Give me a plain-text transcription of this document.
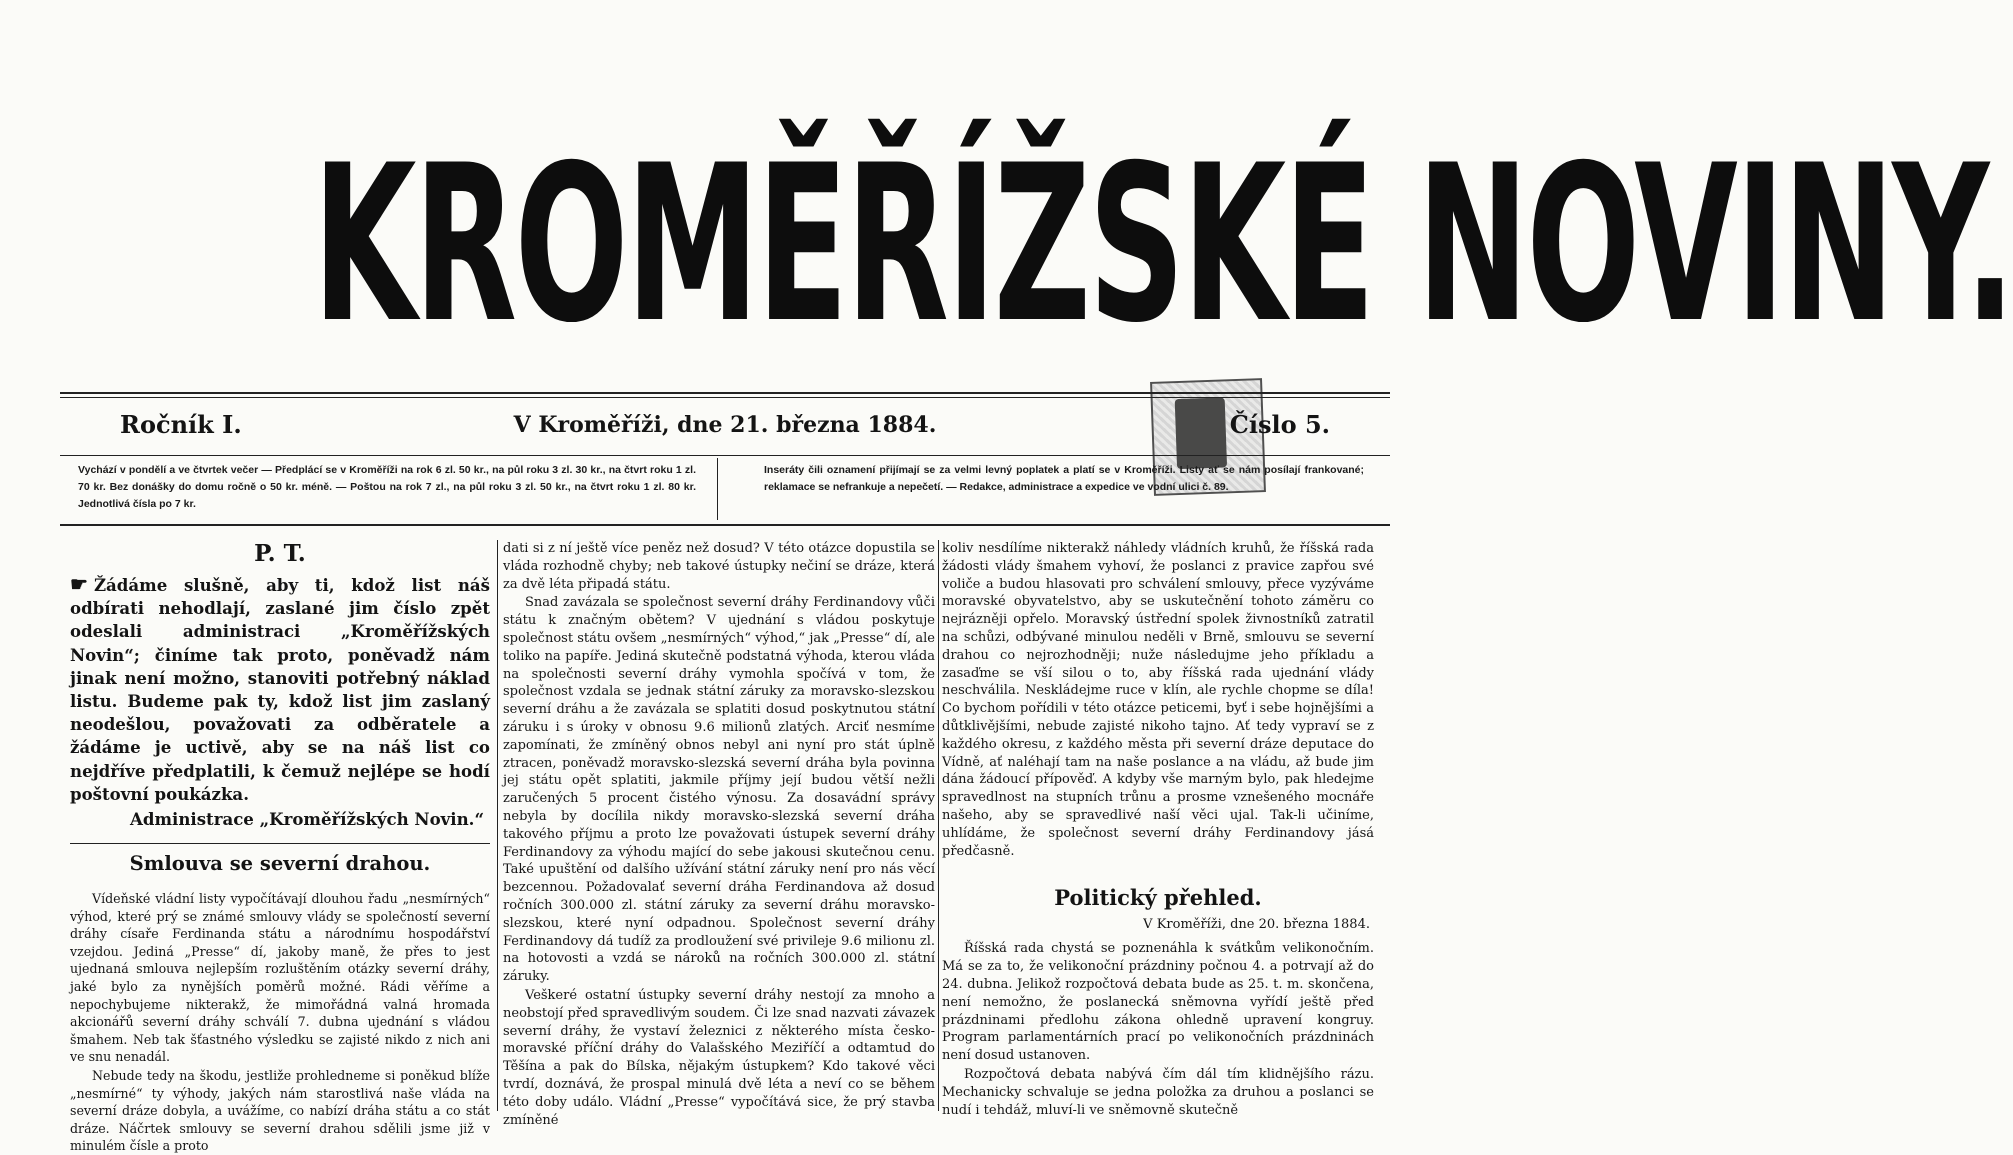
KROMĚŘÍŽSKÉ NOVINY.
Ročník I.	V Kroměříži, dne 21. března 1884.	Číslo 5.
Vychází v pondělí a ve čtvrtek večer — Předplácí se v Kroměříži na rok 6 zl. 50 kr., na půl roku 3 zl. 30 kr., na čtvrt roku 1 zl. 70 kr. Bez donášky do domu ročně o 50 kr. méně. — Poštou na rok 7 zl., na půl roku 3 zl. 50 kr., na čtvrt roku 1 zl. 80 kr. Jednotlivá čísla po 7 kr.
Inseráty čili oznamení přijímají se za velmi levný poplatek a platí se v Kroměříži. Listy ať se nám posílají frankované; reklamace se nefrankuje a nepečetí. — Redakce, administrace a expedice ve vodní ulici č. 89.
P. T.

☛ Žádáme slušně, aby ti, kdož list náš odbírati nehodlají, zaslané jim číslo zpět odeslali administraci „Kroměřížských Novin“; činíme tak proto, poněvadž nám jinak není možno, stanoviti potřebný náklad listu. Budeme pak ty, kdož list jim zaslaný neodešlou, považovati za odběratele a žádáme je uctivě, aby se na náš list co nejdříve předplatili, k čemuž nejlépe se hodí poštovní poukázka.

Administrace „Kroměřížských Novin.“
Smlouva se severní drahou.

Vídeňské vládní listy vypočítávají dlouhou řadu „nesmírných“ výhod, které prý se známé smlouvy vlády se společností severní dráhy císaře Ferdinanda státu a národnímu hospodářství vzejdou. Jediná „Presse“ dí, jakoby maně, že přes to jest ujednaná smlouva nejlepším rozluštěním otázky severní dráhy, jaké bylo za nynějších poměrů možné. Rádi věříme a nepochybujeme nikterakž, že mimořádná valná hromada akcionářů severní dráhy schválí 7. dubna ujednání s vládou šmahem. Neb tak šťastného výsledku se zajisté nikdo z nich ani ve snu nenadál.

Nebude tedy na škodu, jestliže prohledneme si poněkud blíže „nesmírné“ ty výhody, jakých nám starostlivá naše vláda na severní dráze dobyla, a uvážíme, co nabízí dráha státu a co stát dráze. Náčrtek smlouvy se severní drahou sdělili jsme již v minulém čísle a proto

dati si z ní ještě více peněz než dosud? V této otázce dopustila se vláda rozhodně chyby; neb takové ústupky nečiní se dráze, která za dvě léta připadá státu.

Snad zavázala se společnost severní dráhy Ferdinandovy vůči státu k značným obětem? V ujednání s vládou poskytuje společnost státu ovšem „nesmírných“ výhod,“ jak „Presse“ dí, ale toliko na papíře. Jediná skutečně podstatná výhoda, kterou vláda na společnosti severní dráhy vymohla spočívá v tom, že společnost vzdala se jednak státní záruky za moravsko-slezskou severní dráhu a že zavázala se splatiti dosud poskytnutou státní záruku i s úroky v obnosu 9.6 milionů zlatých. Arciť nesmíme zapomínati, že zmíněný obnos nebyl ani nyní pro stát úplně ztracen, poněvadž moravsko-slezská severní dráha byla povinna jej státu opět splatiti, jakmile příjmy její budou větší nežli zaručených 5 procent čistého výnosu. Za dosavádní správy nebyla by docílila nikdy moravsko-slezská severní dráha takového příjmu a proto lze považovati ústupek severní dráhy Ferdinandovy za výhodu mající do sebe jakousi skutečnou cenu. Také upuštění od dalšího užívání státní záruky není pro nás věcí bezcennou. Požadovalať severní dráha Ferdinandova až dosud ročních 300.000 zl. státní záruky za severní dráhu moravsko-slezskou, které nyní odpadnou. Společnost severní dráhy Ferdinandovy dá tudíž za prodloužení své privileje 9.6 milionu zl. na hotovosti a vzdá se nároků na ročních 300.000 zl. státní záruky.

Veškeré ostatní ústupky severní dráhy nestojí za mnoho a neobstojí před spravedlivým soudem. Či lze snad nazvati závazek severní dráhy, že vystaví železnici z některého místa česko-moravské příční dráhy do Valašského Meziříčí a odtamtud do Těšína a pak do Bílska, nějakým ústupkem? Kdo takové věci tvrdí, doznává, že prospal minulá dvě léta a neví co se během této doby událo. Vládní „Presse“ vypočítává sice, že prý stavba zmíněné

koliv nesdílíme nikterakž náhledy vládních kruhů, že říšská rada žádosti vlády šmahem vyhoví, že poslanci z pravice zapřou své voliče a budou hlasovati pro schválení smlouvy, přece vyzýváme moravské obyvatelstvo, aby se uskutečnění tohoto záměru co nejrázněji opřelo. Moravský ústřední spolek živnostníků zatratil na schůzi, odbývané minulou neděli v Brně, smlouvu se severní drahou co nejrozhodněji; nuže následujme jeho příkladu a zasaďme se vší silou o to, aby říšská rada ujednání vlády neschválila. Neskládejme ruce v klín, ale rychle chopme se díla! Co bychom pořídili v této otázce peticemi, byť i sebe hojnějšími a důtklivějšími, nebude zajisté nikoho tajno. Ať tedy vypraví se z každého okresu, z každého města při severní dráze deputace do Vídně, ať naléhají tam na naše poslance a na vládu, až bude jim dána žádoucí přípověď. A kdyby vše marným bylo, pak hledejme spravedlnost na stupních trůnu a prosme vznešeného mocnáře našeho, aby se spravedlivé naší věci ujal. Tak-li učiníme, uhlídáme, že společnost severní dráhy Ferdinandovy jásá předčasně.

Politický přehled.
V Kroměříži, dne 20. března 1884.

Říšská rada chystá se poznenáhla k svátkům velikonočním. Má se za to, že velikonoční prázdniny počnou 4. a potrvají až do 24. dubna. Jelikož rozpočtová debata bude as 25. t. m. skončena, není nemožno, že poslanecká sněmovna vyřídí ještě před prázdninami předlohu zákona ohledně upravení kongruy. Program parlamentárních prací po velikonočních prázdninách není dosud ustanoven.

Rozpočtová debata nabývá čím dál tím klidnějšího rázu. Mechanicky schvaluje se jedna položka za druhou a poslanci se nudí i tehdáž, mluví-li ve sněmovně skutečně
